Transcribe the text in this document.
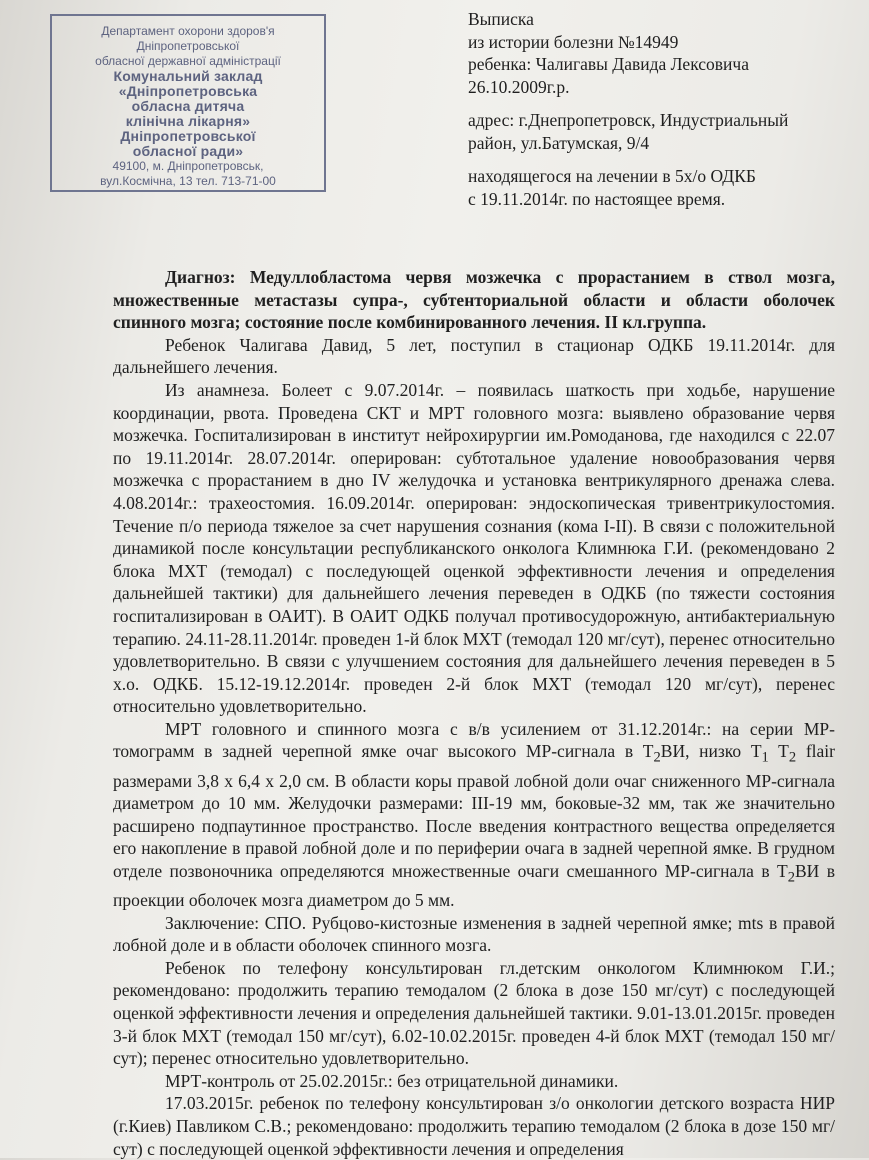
Департамент охорони здоров'я
Дніпропетровської
обласної державної адміністрації
Комунальний заклад
«Дніпропетровська
обласна дитяча
клінічна лікарня»
Дніпропетровської
обласної ради»
49100, м. Дніпропетровськ,
вул.Космічна, 13 тел. 713-71-00
Выписка
из истории болезни №14949
ребенка: Чалигавы Давида Лексовича
26.10.2009г.р.
адрес: г.Днепропетровск, Индустриальный
район, ул.Батумская, 9/4
находящегося на лечении в 5х/о ОДКБ
с 19.11.2014г. по настоящее время.

Диагноз: Медуллобластома червя мозжечка с прорастанием в ствол мозга, множественные метастазы супра-, субтенториальной области и области оболочек спинного мозга; состояние после комбинированного лечения. II кл.группа.

Ребенок Чалигава Давид, 5 лет, поступил в стационар ОДКБ 19.11.2014г. для дальнейшего лечения.

Из анамнеза. Болеет с 9.07.2014г. – появилась шаткость при ходьбе, нарушение координации, рвота. Проведена СКТ и МРТ головного мозга: выявлено образование червя мозжечка. Госпитализирован в институт нейрохирургии им.Ромоданова, где находился с 22.07 по 19.11.2014г. 28.07.2014г. оперирован: субтотальное удаление новообразования червя мозжечка с прорастанием в дно IV желудочка и установка вентрикулярного дренажа слева. 4.08.2014г.: трахеостомия. 16.09.2014г. оперирован: эндоскопическая тривентрикулостомия. Течение п/о периода тяжелое за счет нарушения сознания (кома I-II). В связи с положительной динамикой после консультации республиканского онколога Климнюка Г.И. (рекомендовано 2 блока МХТ (темодал) с последующей оценкой эффективности лечения и определения дальнейшей тактики) для дальнейшего лечения переведен в ОДКБ (по тяжести состояния госпитализирован в ОАИТ). В ОАИТ ОДКБ получал противосудорожную, антибактериальную терапию. 24.11-28.11.2014г. проведен 1-й блок МХТ (темодал 120 мг/сут), перенес относительно удовлетворительно. В связи с улучшением состояния для дальнейшего лечения переведен в 5 х.о. ОДКБ. 15.12-19.12.2014г. проведен 2-й блок МХТ (темодал 120 мг/сут), перенес относительно удовлетворительно.

МРТ головного и спинного мозга с в/в усилением от 31.12.2014г.: на серии МР-томограмм в задней черепной ямке очаг высокого МР-сигнала в $T_2ВИ$, низко $T_1$ $T_2$ flair размерами 3,8 x 6,4 x 2,0 см. В области коры правой лобной доли очаг сниженного МР-сигнала диаметром до 10 мм. Желудочки размерами: III-19 мм, боковые-32 мм, так же значительно расширено подпаутинное пространство. После введения контрастного вещества определяется его накопление в правой лобной доле и по периферии очага в задней черепной ямке. В грудном отделе позвоночника определяются множественные очаги смешанного МР-сигнала в $T_2ВИ$ в проекции оболочек мозга диаметром до 5 мм.

Заключение: СПО. Рубцово-кистозные изменения в задней черепной ямке; mts в правой лобной доле и в области оболочек спинного мозга.

Ребенок по телефону консультирован гл.детским онкологом Климнюком Г.И.; рекомендовано: продолжить терапию темодалом (2 блока в дозе 150 мг/сут) с последующей оценкой эффективности лечения и определения дальнейшей тактики. 9.01-13.01.2015г. проведен 3-й блок МХТ (темодал 150 мг/сут), 6.02-10.02.2015г. проведен 4-й блок МХТ (темодал 150 мг/сут); перенес относительно удовлетворительно.

МРТ-контроль от 25.02.2015г.: без отрицательной динамики.

17.03.2015г. ребенок по телефону консультирован з/о онкологии детского возраста НИР (г.Киев) Павликом С.В.; рекомендовано: продолжить терапию темодалом (2 блока в дозе 150 мг/сут) с последующей оценкой эффективности лечения и определения
